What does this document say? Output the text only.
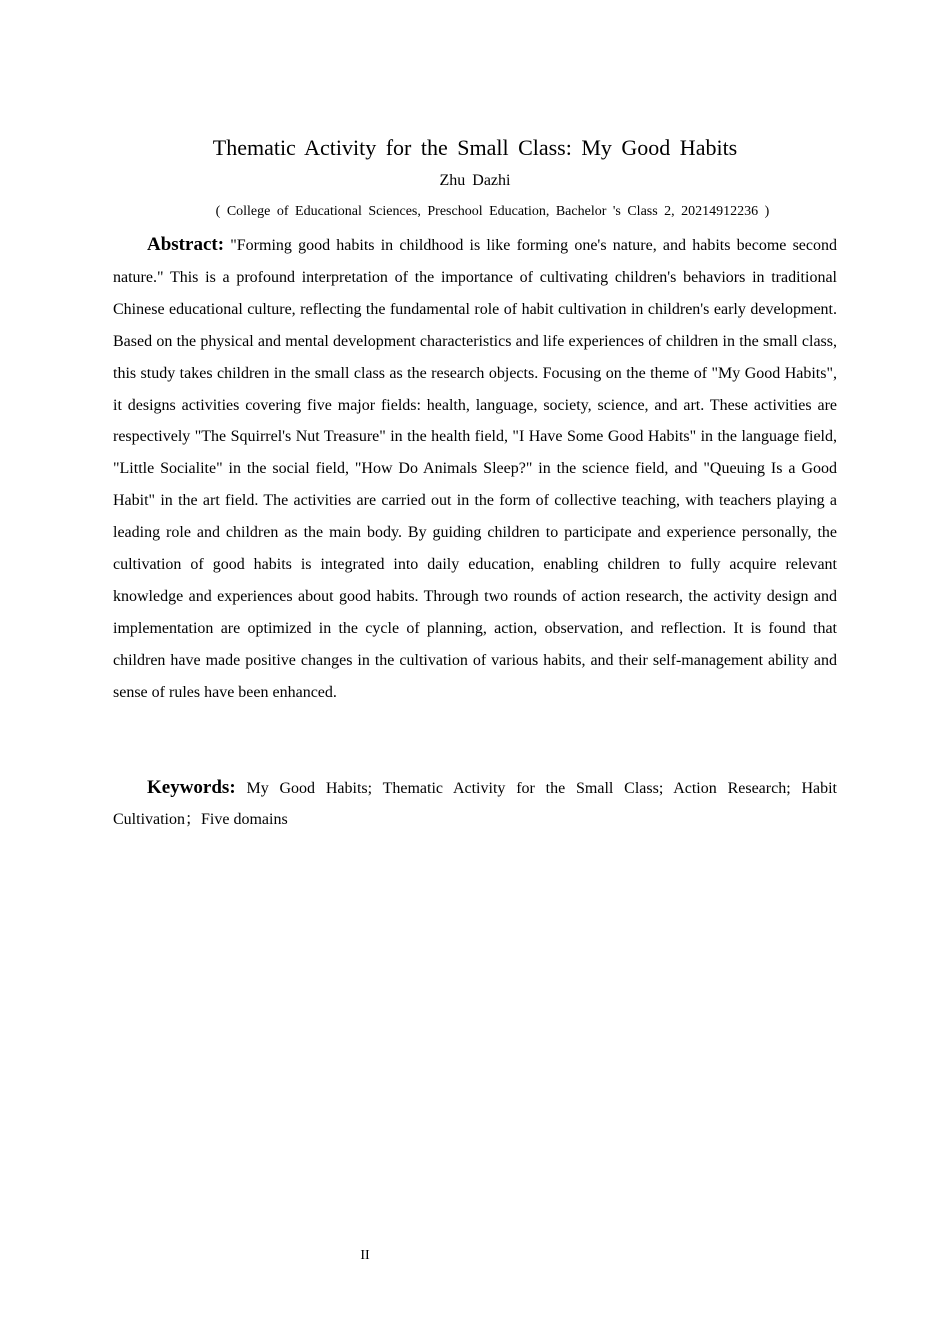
Thematic Activity for the Small Class: My Good Habits
Zhu Dazhi
( College of Educational Sciences, Preschool Education, Bachelor 's Class 2, 20214912236 )

Abstract: "Forming good habits in childhood is like forming one's nature, and habits become second nature." This is a profound interpretation of the importance of cultivating children's behaviors in traditional Chinese educational culture, reflecting the fundamental role of habit cultivation in children's early development. Based on the physical and mental development characteristics and life experiences of children in the small class, this study takes children in the small class as the research objects. Focusing on the theme of "My Good Habits", it designs activities covering five major fields: health, language, society, science, and art. These activities are respectively "The Squirrel's Nut Treasure" in the health field, "I Have Some Good Habits" in the language field, "Little Socialite" in the social field, "How Do Animals Sleep?" in the science field, and "Queuing Is a Good Habit" in the art field. The activities are carried out in the form of collective teaching, with teachers playing a leading role and children as the main body. By guiding children to participate and experience personally, the cultivation of good habits is integrated into daily education, enabling children to fully acquire relevant knowledge and experiences about good habits. Through two rounds of action research, the activity design and implementation are optimized in the cycle of planning, action, observation, and reflection. It is found that children have made positive changes in the cultivation of various habits, and their self-management ability and sense of rules have been enhanced.

Keywords: My Good Habits; Thematic Activity for the Small Class; Action Research; Habit Cultivation；Five domains

II
